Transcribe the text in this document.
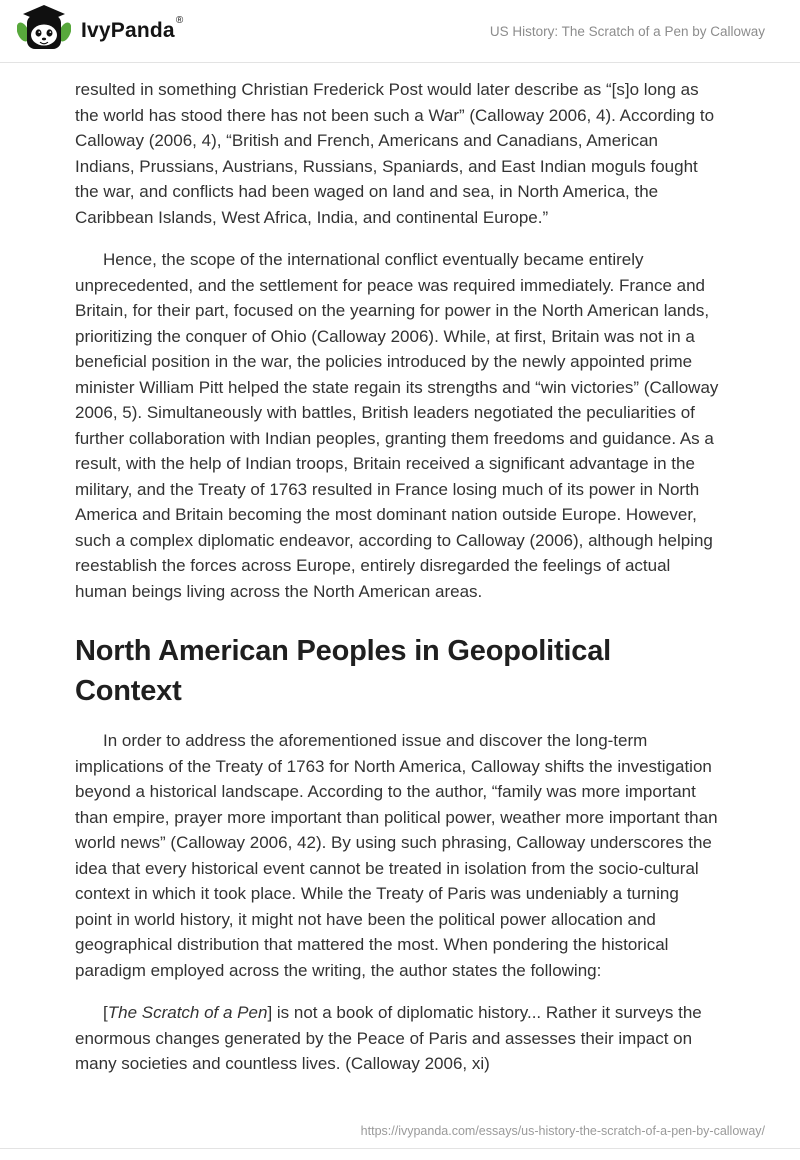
IvyPanda®
US History: The Scratch of a Pen by Calloway

resulted in something Christian Frederick Post would later describe as “[s]o long as the world has stood there has not been such a War” (Calloway 2006, 4). According to Calloway (2006, 4), “British and French, Americans and Canadians, American Indians, Prussians, Austrians, Russians, Spaniards, and East Indian moguls fought the war, and conflicts had been waged on land and sea, in North America, the Caribbean Islands, West Africa, India, and continental Europe.”

Hence, the scope of the international conflict eventually became entirely unprecedented, and the settlement for peace was required immediately. France and Britain, for their part, focused on the yearning for power in the North American lands, prioritizing the conquer of Ohio (Calloway 2006). While, at first, Britain was not in a beneficial position in the war, the policies introduced by the newly appointed prime minister William Pitt helped the state regain its strengths and “win victories” (Calloway 2006, 5). Simultaneously with battles, British leaders negotiated the peculiarities of further collaboration with Indian peoples, granting them freedoms and guidance. As a result, with the help of Indian troops, Britain received a significant advantage in the military, and the Treaty of 1763 resulted in France losing much of its power in North America and Britain becoming the most dominant nation outside Europe. However, such a complex diplomatic endeavor, according to Calloway (2006), although helping reestablish the forces across Europe, entirely disregarded the feelings of actual human beings living across the North American areas.

North American Peoples in Geopolitical Context

In order to address the aforementioned issue and discover the long-term implications of the Treaty of 1763 for North America, Calloway shifts the investigation beyond a historical landscape. According to the author, “family was more important than empire, prayer more important than political power, weather more important than world news” (Calloway 2006, 42). By using such phrasing, Calloway underscores the idea that every historical event cannot be treated in isolation from the socio-cultural context in which it took place. While the Treaty of Paris was undeniably a turning point in world history, it might not have been the political power allocation and geographical distribution that mattered the most. When pondering the historical paradigm employed across the writing, the author states the following:

[The Scratch of a Pen] is not a book of diplomatic history... Rather it surveys the enormous changes generated by the Peace of Paris and assesses their impact on many societies and countless lives. (Calloway 2006, xi)

https://ivypanda.com/essays/us-history-the-scratch-of-a-pen-by-calloway/
